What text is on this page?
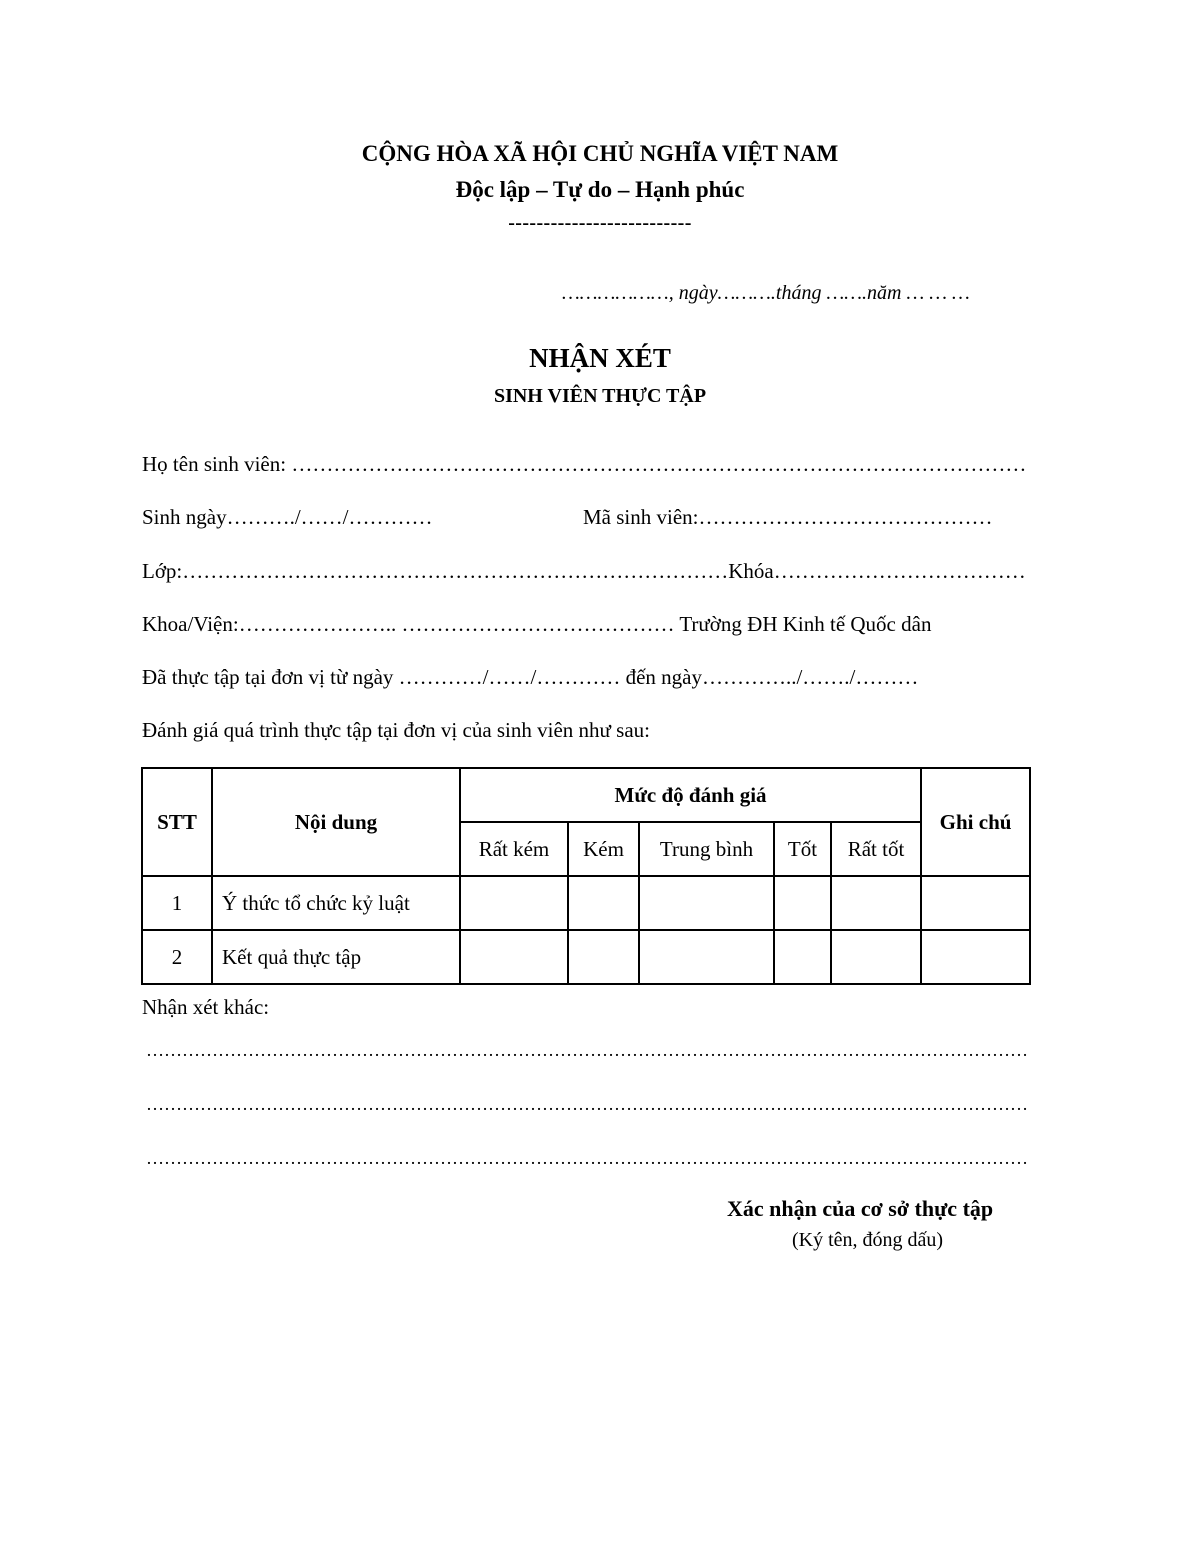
CỘNG HÒA XÃ HỘI CHỦ NGHĨA VIỆT NAM
Độc lập – Tự do – Hạnh phúc
--------------------------
………………, ngày……….tháng …….năm … … …
NHẬN XÉT
SINH VIÊN THỰC TẬP
Họ tên sinh viên: ……………………………………………………………………………………………
Sinh ngày………./……/…………	Mã sinh viên:……………………………………
Lớp:……………………………………………………………………Khóa………………………………
Khoa/Viện:………………….. ………………………………… Trường ĐH Kinh tế Quốc dân
Đã thực tập tại đơn vị từ ngày …………/……/………… đến ngày…………../……./………
Đánh giá quá trình thực tập tại đơn vị của sinh viên như sau:
STT	Nội dung	Mức độ đánh giá					Ghi chú
		Rất kém	Kém	Trung bình	Tốt	Rất tốt	
1	Ý thức tổ chức kỷ luật						
2	Kết quả thực tập						
Nhận xét khác:
…………………………………………………………………………………………………………………………………
…………………………………………………………………………………………………………………………………
…………………………………………………………………………………………………………………………………
Xác nhận của cơ sở thực tập
(Ký tên, đóng dấu)
